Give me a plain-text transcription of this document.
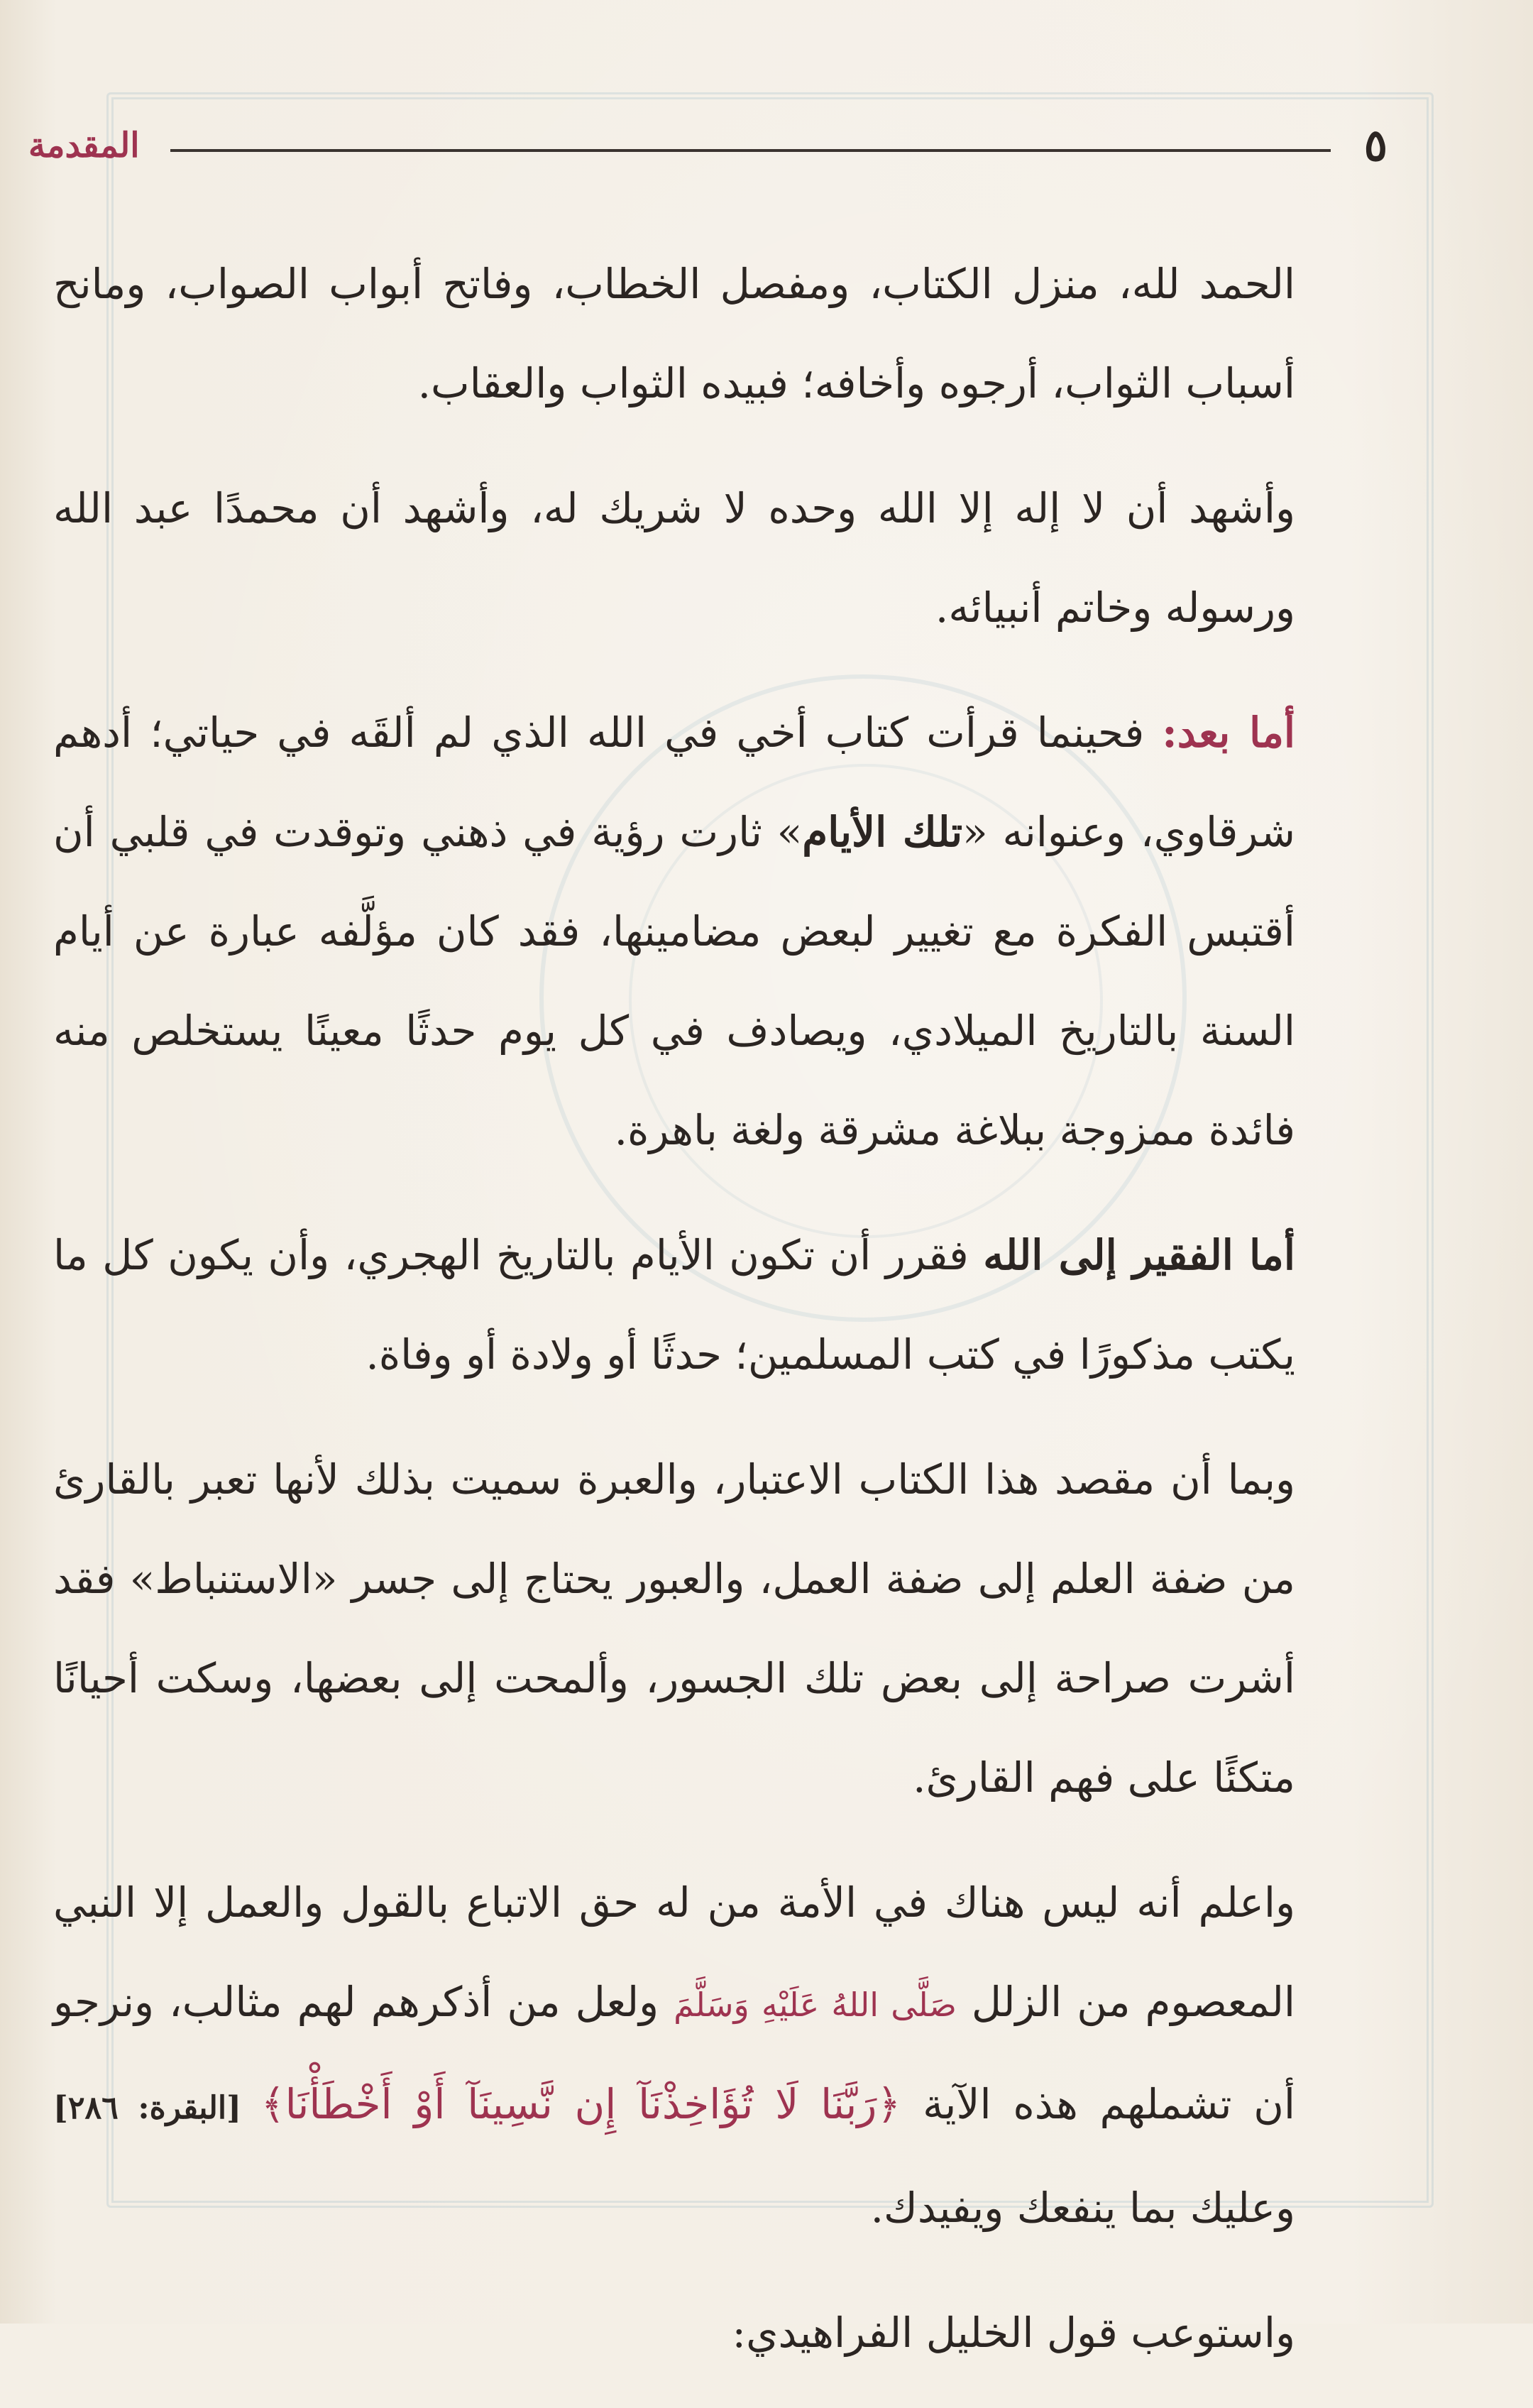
٥
المقدمة

الحمد لله، منزل الكتاب، ومفصل الخطاب، وفاتح أبواب الصواب، ومانح أسباب الثواب، أرجوه وأخافه؛ فبيده الثواب والعقاب.

وأشهد أن لا إله إلا الله وحده لا شريك له، وأشهد أن محمدًا عبد الله ورسوله وخاتم أنبيائه.

أما بعد: فحينما قرأت كتاب أخي في الله الذي لم ألقَه في حياتي؛ أدهم شرقاوي، وعنوانه «تلك الأيام» ثارت رؤية في ذهني وتوقدت في قلبي أن أقتبس الفكرة مع تغيير لبعض مضامينها، فقد كان مؤلَّفه عبارة عن أيام السنة بالتاريخ الميلادي، ويصادف في كل يوم حدثًا معينًا يستخلص منه فائدة ممزوجة ببلاغة مشرقة ولغة باهرة.

أما الفقير إلى الله فقرر أن تكون الأيام بالتاريخ الهجري، وأن يكون كل ما يكتب مذكورًا في كتب المسلمين؛ حدثًا أو ولادة أو وفاة.

وبما أن مقصد هذا الكتاب الاعتبار، والعبرة سميت بذلك لأنها تعبر بالقارئ من ضفة العلم إلى ضفة العمل، والعبور يحتاج إلى جسر «الاستنباط» فقد أشرت صراحة إلى بعض تلك الجسور، وألمحت إلى بعضها، وسكت أحيانًا متكئًا على فهم القارئ.

واعلم أنه ليس هناك في الأمة من له حق الاتباع بالقول والعمل إلا النبي المعصوم من الزلل صَلَّى اللهُ عَلَيْهِ وَسَلَّمَ ولعل من أذكرهم لهم مثالب، ونرجو أن تشملهم هذه الآية ﴿رَبَّنَا لَا تُؤَاخِذْنَآ إِن نَّسِينَآ أَوْ أَخْطَأْنَا﴾ [البقرة: ٢٨٦] وعليك بما ينفعك ويفيدك.

واستوعب قول الخليل الفراهيدي:
